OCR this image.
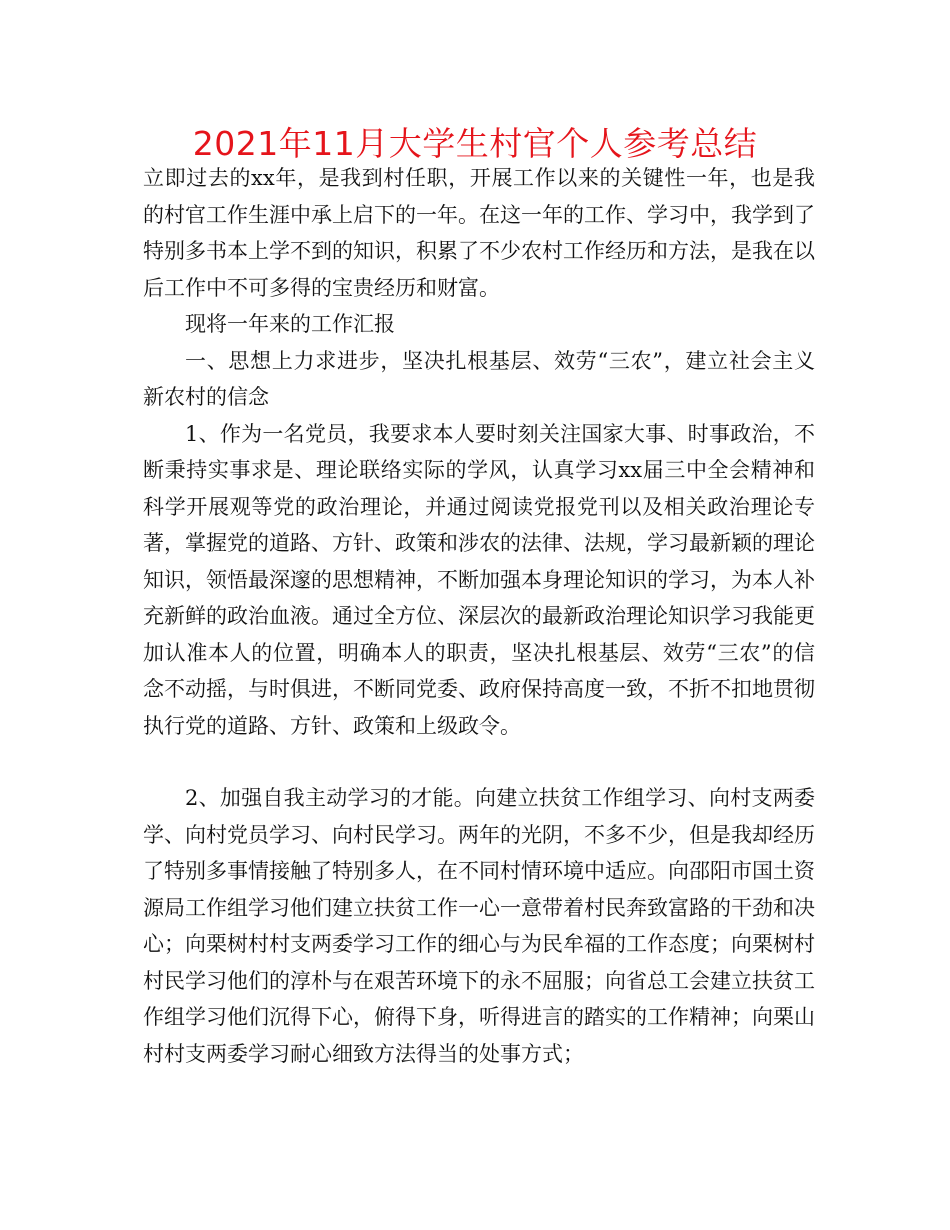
2021年11月大学生村官个人参考总结

立即过去的xx年，是我到村任职，开展工作以来的关键性一年，也是我的村官工作生涯中承上启下的一年。在这一年的工作、学习中，我学到了特别多书本上学不到的知识，积累了不少农村工作经历和方法，是我在以后工作中不可多得的宝贵经历和财富。

现将一年来的工作汇报

一、思想上力求进步，坚决扎根基层、效劳“三农”，建立社会主义新农村的信念

1、作为一名党员，我要求本人要时刻关注国家大事、时事政治，不断秉持实事求是、理论联络实际的学风，认真学习xx届三中全会精神和科学开展观等党的政治理论，并通过阅读党报党刊以及相关政治理论专著，掌握党的道路、方针、政策和涉农的法律、法规，学习最新颖的理论知识，领悟最深邃的思想精神，不断加强本身理论知识的学习，为本人补充新鲜的政治血液。通过全方位、深层次的最新政治理论知识学习我能更加认准本人的位置，明确本人的职责，坚决扎根基层、效劳“三农”的信念不动摇，与时俱进，不断同党委、政府保持高度一致，不折不扣地贯彻执行党的道路、方针、政策和上级政令。

2、加强自我主动学习的才能。向建立扶贫工作组学习、向村支两委学、向村党员学习、向村民学习。两年的光阴，不多不少，但是我却经历了特别多事情接触了特别多人，在不同村情环境中适应。向邵阳市国土资源局工作组学习他们建立扶贫工作一心一意带着村民奔致富路的干劲和决心；向栗树村村支两委学习工作的细心与为民牟福的工作态度；向栗树村村民学习他们的淳朴与在艰苦环境下的永不屈服；向省总工会建立扶贫工作组学习他们沉得下心，俯得下身，听得进言的踏实的工作精神；向栗山村村支两委学习耐心细致方法得当的处事方式；
